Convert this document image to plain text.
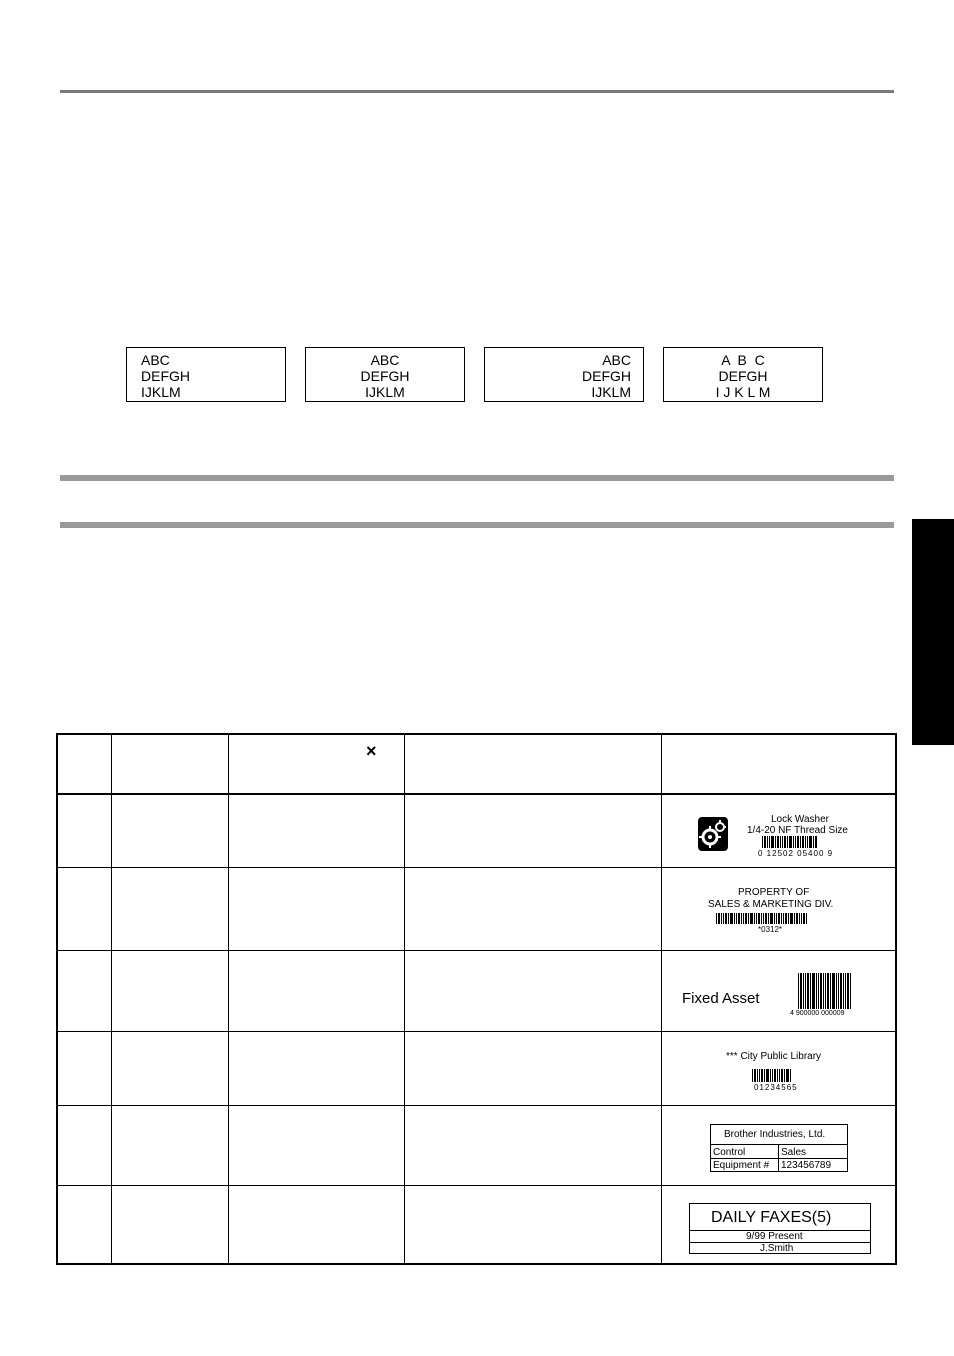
ABC
DEFGH
IJKLM
ABC
DEFGH
IJKLM
ABC
DEFGH
IJKLM
A  B  C
DEFGH
I J K L M
×
Lock Washer
1/4-20 NF Thread Size
0 12502 05400 9
PROPERTY OF
SALES & MARKETING DIV.
*0312*
Fixed Asset
4 900000 000009
*** City Public Library
01234565
Brother Industries, Ltd.
Control	Sales
Equipment # 123456789
DAILY FAXES(5)
9/99 Present
J.Smith
